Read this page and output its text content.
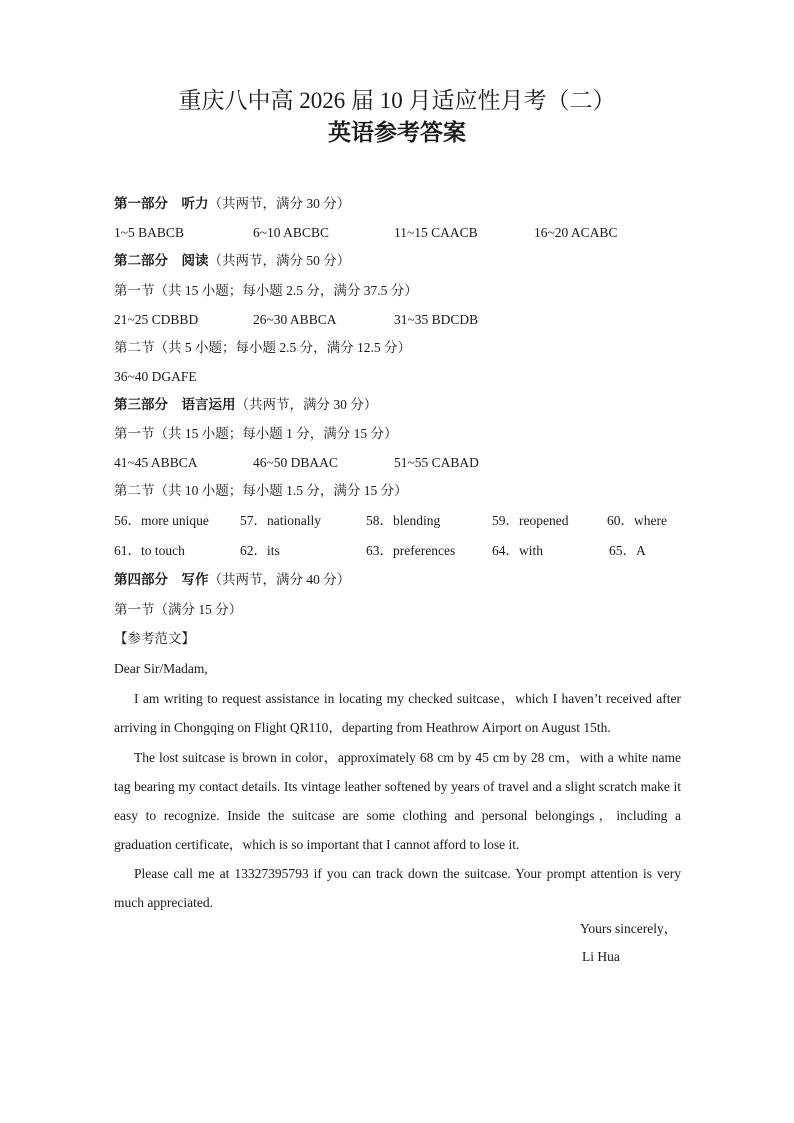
重庆八中高 2026 届 10 月适应性月考（二）
英语参考答案
第一部分　听力（共两节，满分 30 分）
1~5 BABCB	6~10 ABCBC	11~15 CAACB	16~20 ACABC
第二部分　阅读（共两节，满分 50 分）
第一节（共 15 小题；每小题 2.5 分，满分 37.5 分）
21~25 CDBBD	26~30 ABBCA	31~35 BDCDB
第二节（共 5 小题；每小题 2.5 分，满分 12.5 分）
36~40 DGAFE
第三部分　语言运用（共两节，满分 30 分）
第一节（共 15 小题；每小题 1 分，满分 15 分）
41~45 ABBCA	46~50 DBAAC	51~55 CABAD
第二节（共 10 小题；每小题 1.5 分，满分 15 分）
56．more unique 57．nationally	58．blending	59．reopened	60．where
61．to touch	62．its	63．preferences	64．with	65．A
第四部分　写作（共两节，满分 40 分）
第一节（满分 15 分）
【参考范文】
Dear Sir/Madam,

I am writing to request assistance in locating my checked suitcase，which I haven’t received after arriving in Chongqing on Flight QR110，departing from Heathrow Airport on August 15th.

The lost suitcase is brown in color，approximately 68 cm by 45 cm by 28 cm，with a white name tag bearing my contact details. Its vintage leather softened by years of travel and a slight scratch make it easy to recognize. Inside the suitcase are some clothing and personal belongings，including a graduation certificate，which is so important that I cannot afford to lose it.

Please call me at 13327395793 if you can track down the suitcase. Your prompt attention is very much appreciated.

Yours sincerely，
Li Hua
